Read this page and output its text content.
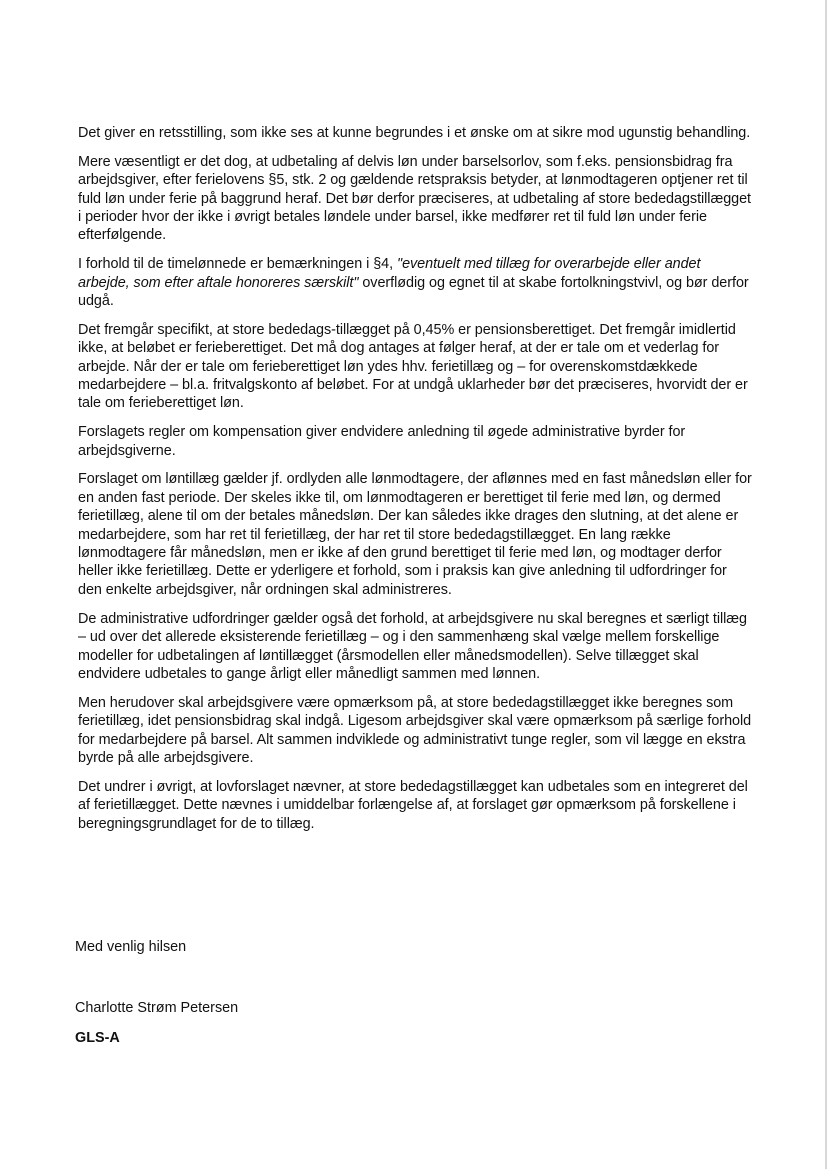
Det giver en retsstilling, som ikke ses at kunne begrundes i et ønske om at sikre mod ugunstig behandling.

Mere væsentligt er det dog, at udbetaling af delvis løn under barselsorlov, som f.eks. pensionsbidrag fra arbejdsgiver, efter ferielovens §5, stk. 2 og gældende retspraksis betyder, at lønmodtageren optjener ret til fuld løn under ferie på baggrund heraf. Det bør derfor præciseres, at udbetaling af store bededagstillægget i perioder hvor der ikke i øvrigt betales løndele under barsel, ikke medfører ret til fuld løn under ferie efterfølgende.

I forhold til de timelønnede er bemærkningen i §4, "eventuelt med tillæg for overarbejde eller andet arbejde, som efter aftale honoreres særskilt" overflødig og egnet til at skabe fortolkningstvivl, og bør derfor udgå.

Det fremgår specifikt, at store bededags-tillægget på 0,45% er pensionsberettiget. Det fremgår imidlertid ikke, at beløbet er ferieberettiget. Det må dog antages at følger heraf, at der er tale om et vederlag for arbejde. Når der er tale om ferieberettiget løn ydes hhv. ferietillæg og – for overenskomstdækkede medarbejdere – bl.a. fritvalgskonto af beløbet. For at undgå uklarheder bør det præciseres, hvorvidt der er tale om ferieberettiget løn.

Forslagets regler om kompensation giver endvidere anledning til øgede administrative byrder for arbejdsgiverne.

Forslaget om løntillæg gælder jf. ordlyden alle lønmodtagere, der aflønnes med en fast månedsløn eller for en anden fast periode. Der skeles ikke til, om lønmodtageren er berettiget til ferie med løn, og dermed ferietillæg, alene til om der betales månedsløn. Der kan således ikke drages den slutning, at det alene er medarbejdere, som har ret til ferietillæg, der har ret til store bededagstillægget. En lang række lønmodtagere får månedsløn, men er ikke af den grund berettiget til ferie med løn, og modtager derfor heller ikke ferietillæg. Dette er yderligere et forhold, som i praksis kan give anledning til udfordringer for den enkelte arbejdsgiver, når ordningen skal administreres.

De administrative udfordringer gælder også det forhold, at arbejdsgivere nu skal beregnes et særligt tillæg – ud over det allerede eksisterende ferietillæg – og i den sammenhæng skal vælge mellem forskellige modeller for udbetalingen af løntillægget (årsmodellen eller månedsmodellen). Selve tillægget skal endvidere udbetales to gange årligt eller månedligt sammen med lønnen.

Men herudover skal arbejdsgivere være opmærksom på, at store bededagstillægget ikke beregnes som ferietillæg, idet pensionsbidrag skal indgå. Ligesom arbejdsgiver skal være opmærksom på særlige forhold for medarbejdere på barsel. Alt sammen indviklede og administrativt tunge regler, som vil lægge en ekstra byrde på alle arbejdsgivere.

Det undrer i øvrigt, at lovforslaget nævner, at store bededagstillægget kan udbetales som en integreret del af ferietillægget. Dette nævnes i umiddelbar forlængelse af, at forslaget gør opmærksom på forskellene i beregningsgrundlaget for de to tillæg.

Med venlig hilsen
Charlotte Strøm Petersen
GLS-A
